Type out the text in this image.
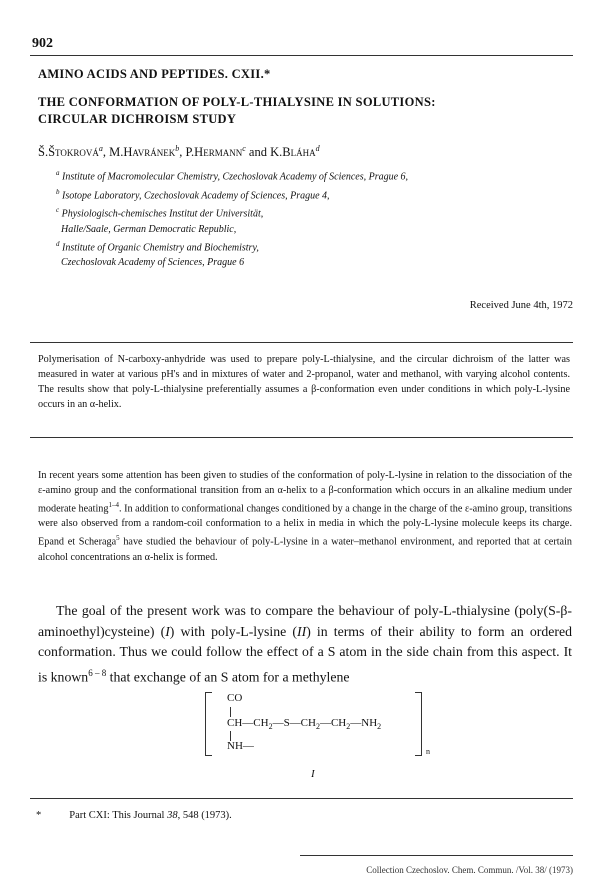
902
AMINO ACIDS AND PEPTIDES. CXII.*
THE CONFORMATION OF POLY-L-THIALYSINE IN SOLUTIONS:
CIRCULAR DICHROISM STUDY
Š.Štokrová$^a$, M.Havránek$^b$, P.Hermann$^c$ and K.Bláha$^d$
$^a$ Institute of Macromolecular Chemistry, Czechoslovak Academy of Sciences, Prague 6,
$^b$ Isotope Laboratory, Czechoslovak Academy of Sciences, Prague 4,
$^c$ Physiologisch-chemisches Institut der Universität,
Halle/Saale, German Democratic Republic,
$^d$ Institute of Organic Chemistry and Biochemistry,
Czechoslovak Academy of Sciences, Prague 6
Received June 4th, 1972
Polymerisation of N-carboxy-anhydride was used to prepare poly-L-thialysine, and the circular dichroism of the latter was measured in water at various pH's and in mixtures of water and 2-propanol, water and methanol, with varying alcohol contents. The results show that poly-L-thialysine preferentially assumes a β-conformation even under conditions in which poly-L-lysine occurs in an α-helix.
In recent years some attention has been given to studies of the conformation of poly-L-lysine in relation to the dissociation of the ε-amino group and the conformational transition from an α-helix to a β-conformation which occurs in an alkaline medium under moderate heating$^{1-4}$. In addition to conformational changes conditioned by a change in the charge of the ε-amino group, transitions were also observed from a random-coil conformation to a helix in media in which the poly-L-lysine molecule keeps its charge. Epand et Scheraga$^5$ have studied the behaviour of poly-L-lysine in a water–methanol environment, and reported that at certain alcohol concentrations an α-helix is formed.
The goal of the present work was to compare the behaviour of poly-L-thialysine (poly(S-β-aminoethyl)cysteine) (I) with poly-L-lysine (II) in terms of their ability to form an ordered conformation. Thus we could follow the effect of a S atom in the side chain from this aspect. It is known$^{6 - 8}$ that exchange of an S atom for a methylene
CO
$CH—CH_2—S—CH_2—CH_2—NH_2$
NH—	n
I
*	Part CXI: This Journal 38, 548 (1973).
Collection Czechoslov. Chem. Commun. /Vol. 38/ (1973)
